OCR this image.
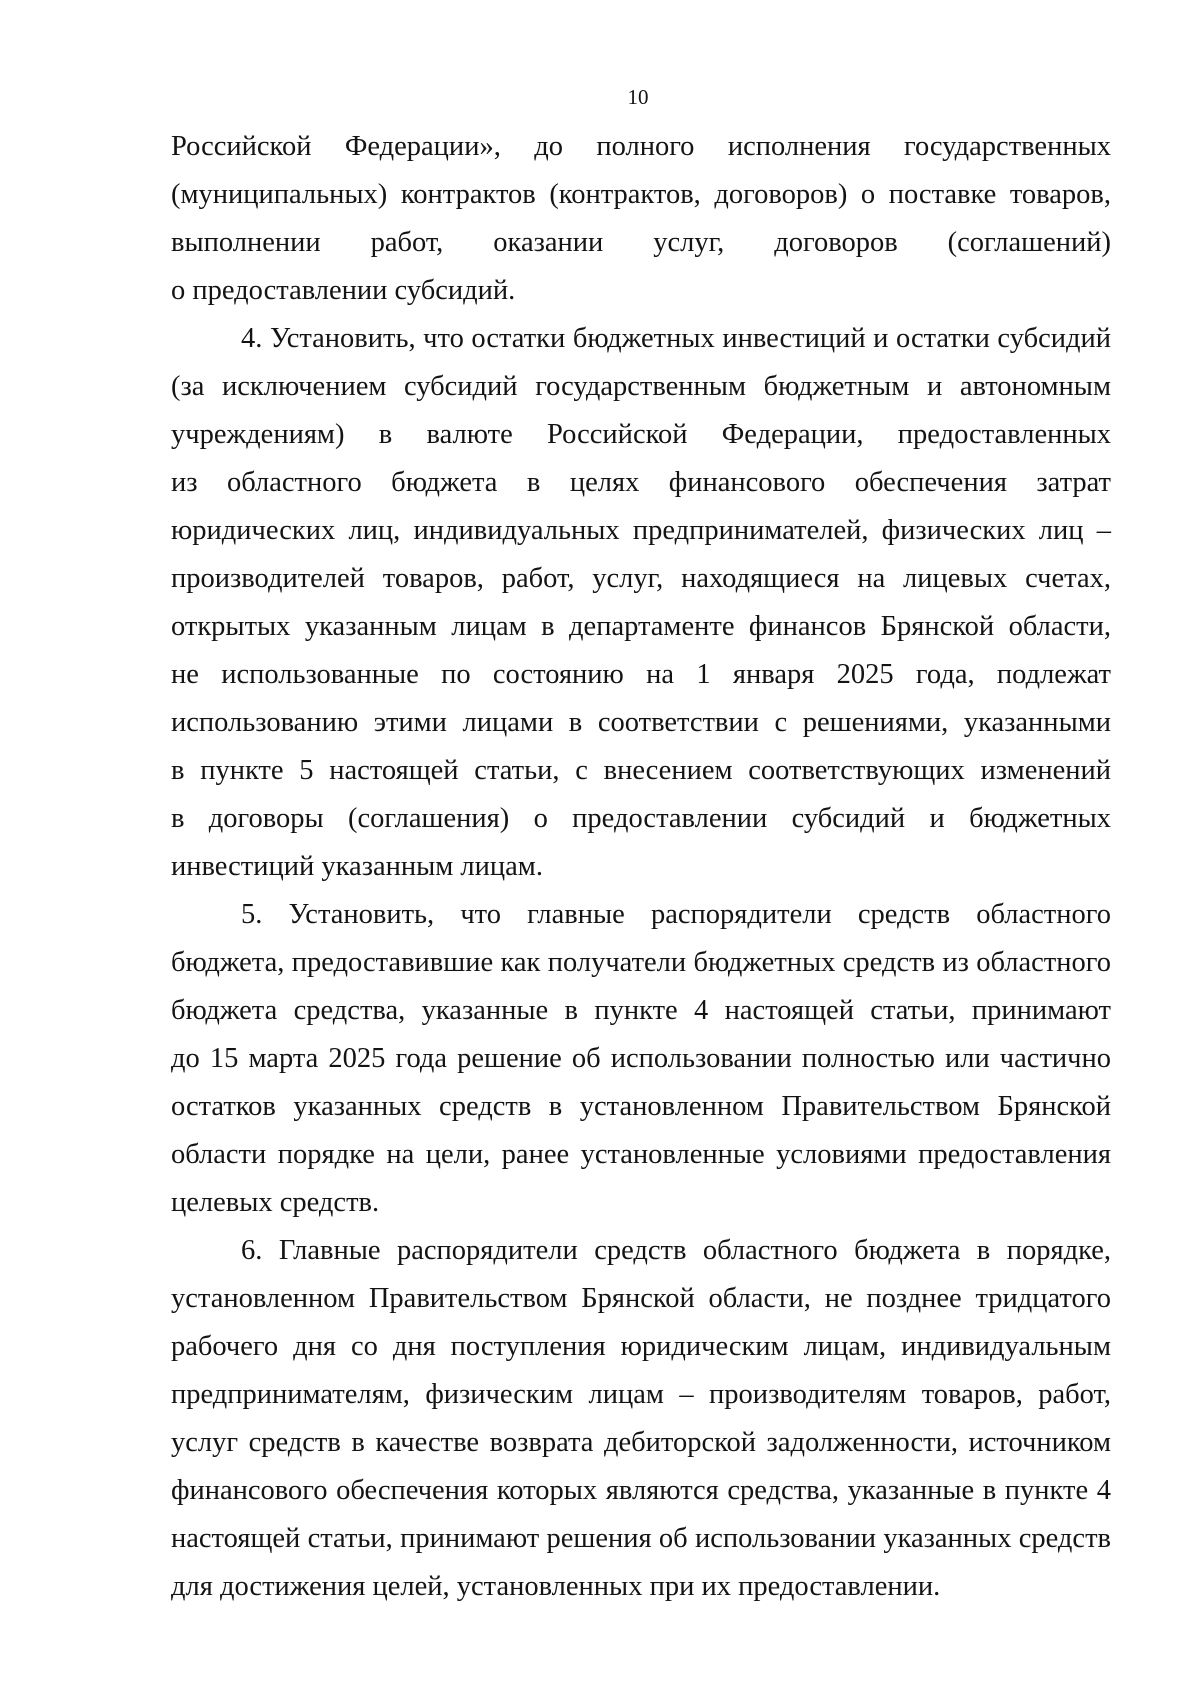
10
Российской Федерации», до полного исполнения государственных
(муниципальных) контрактов (контрактов, договоров) о поставке товаров,
выполнении работ, оказании услуг, договоров (соглашений)
о предоставлении субсидий.
4. Установить, что остатки бюджетных инвестиций и остатки субсидий
(за исключением субсидий государственным бюджетным и автономным
учреждениям) в валюте Российской Федерации, предоставленных
из областного бюджета в целях финансового обеспечения затрат
юридических лиц, индивидуальных предпринимателей, физических лиц –
производителей товаров, работ, услуг, находящиеся на лицевых счетах,
открытых указанным лицам в департаменте финансов Брянской области,
не использованные по состоянию на 1 января 2025 года, подлежат
использованию этими лицами в соответствии с решениями, указанными
в пункте 5 настоящей статьи, с внесением соответствующих изменений
в договоры (соглашения) о предоставлении субсидий и бюджетных
инвестиций указанным лицам.
5. Установить, что главные распорядители средств областного
бюджета, предоставившие как получатели бюджетных средств из областного
бюджета средства, указанные в пункте 4 настоящей статьи, принимают
до 15 марта 2025 года решение об использовании полностью или частично
остатков указанных средств в установленном Правительством Брянской
области порядке на цели, ранее установленные условиями предоставления
целевых средств.
6. Главные распорядители средств областного бюджета в порядке,
установленном Правительством Брянской области, не позднее тридцатого
рабочего дня со дня поступления юридическим лицам, индивидуальным
предпринимателям, физическим лицам – производителям товаров, работ,
услуг средств в качестве возврата дебиторской задолженности, источником
финансового обеспечения которых являются средства, указанные в пункте 4
настоящей статьи, принимают решения об использовании указанных средств
для достижения целей, установленных при их предоставлении.
